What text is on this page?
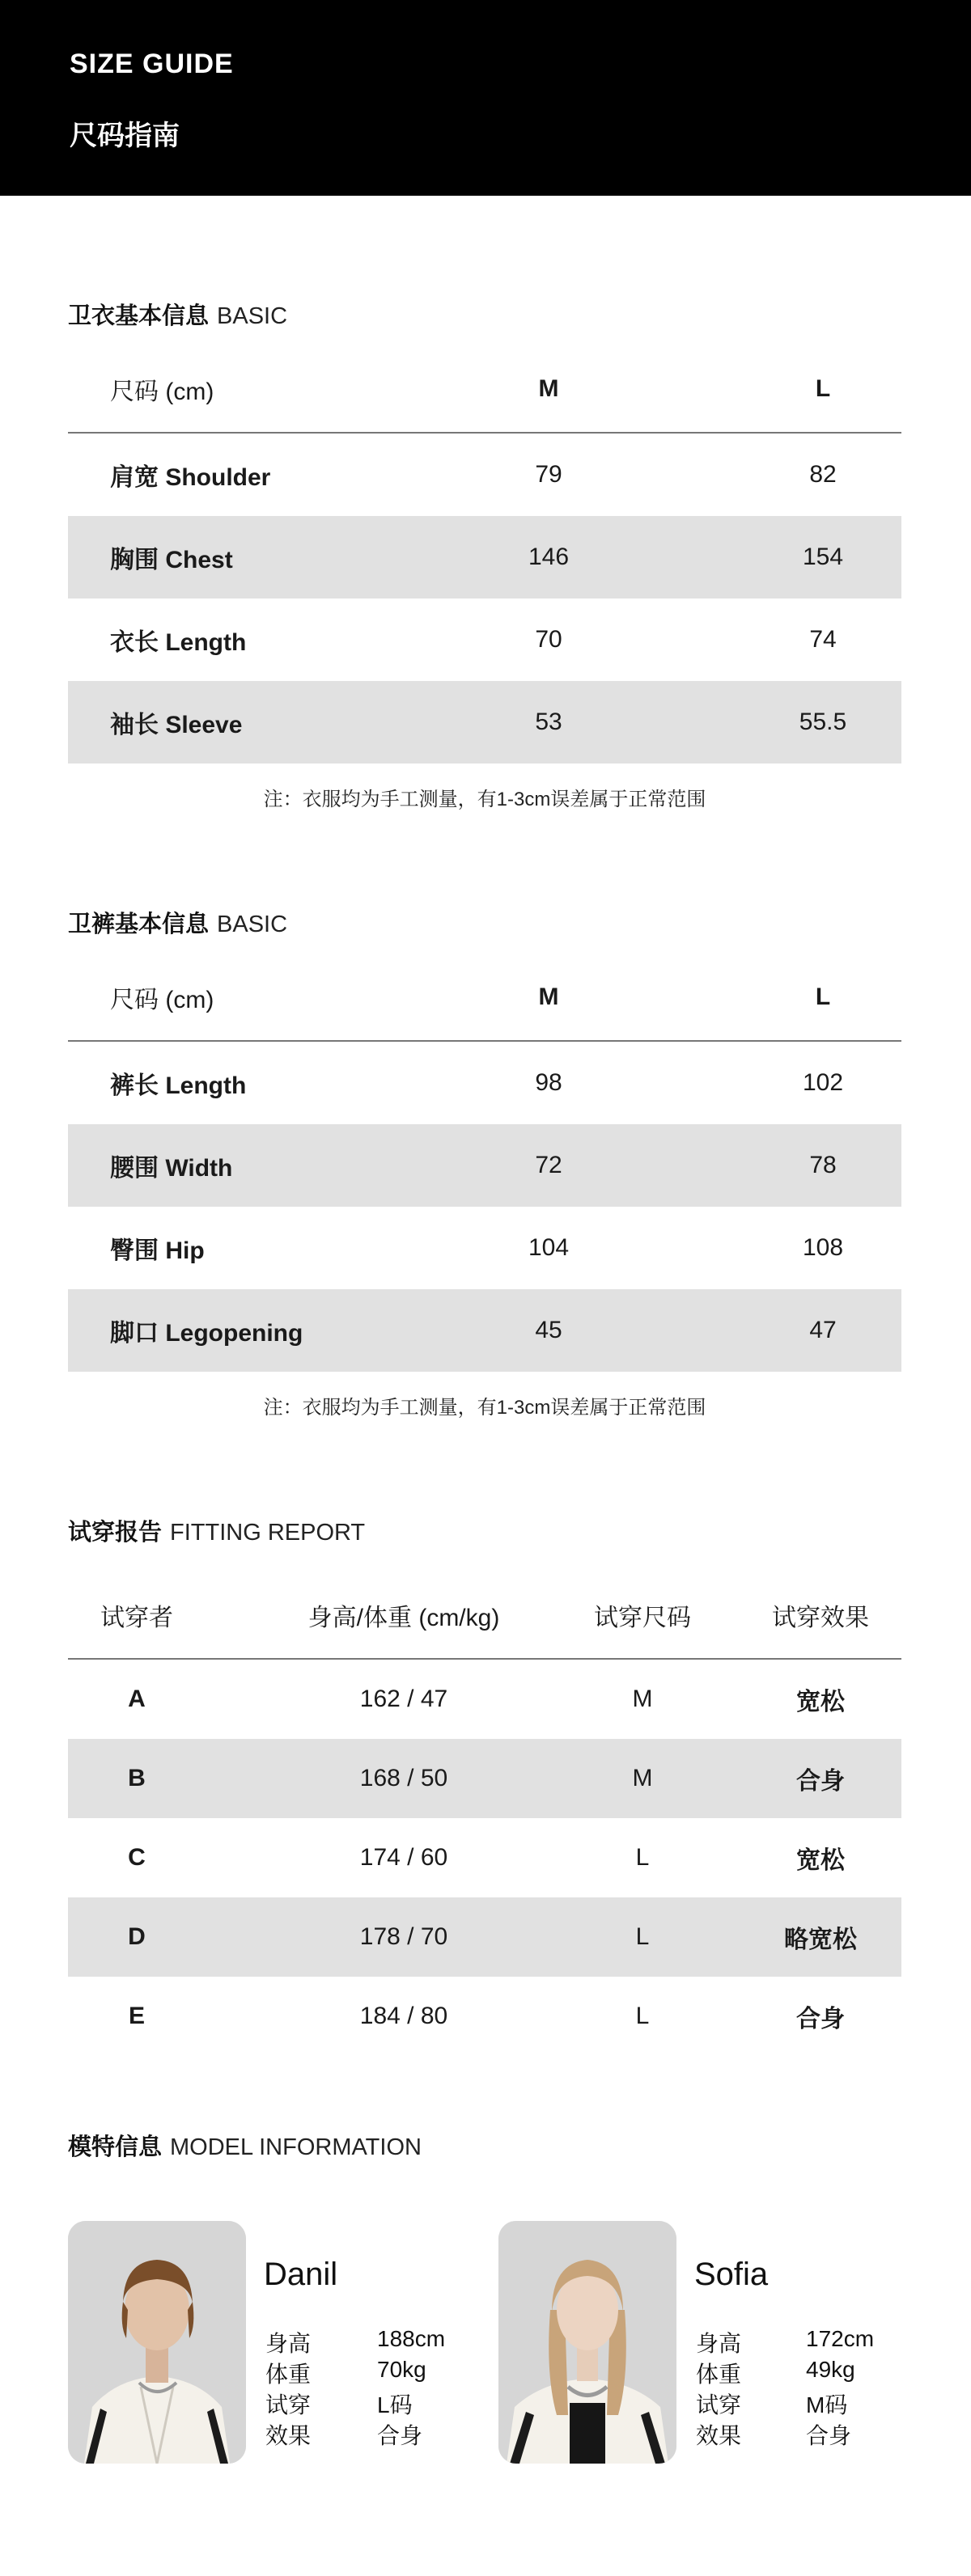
SIZE GUIDE
尺码指南
卫衣基本信息 BASIC
尺码 (cm)	M	L
肩宽 Shoulder	79	82
胸围 Chest	146	154
衣长 Length	70	74
袖长 Sleeve	53	55.5
注：衣服均为手工测量，有1-3cm误差属于正常范围
卫裤基本信息 BASIC
尺码 (cm)	M	L
裤长 Length	98	102
腰围 Width	72	78
臀围 Hip	104	108
脚口 Legopening	45	47
注：衣服均为手工测量，有1-3cm误差属于正常范围
试穿报告 FITTING REPORT
试穿者	身高/体重 (cm/kg)	试穿尺码	试穿效果
A	162 / 47	M	宽松
B	168 / 50	M	合身
C	174 / 60	L	宽松
D	178 / 70	L	略宽松
E	184 / 80	L	合身
模特信息 MODEL INFORMATION
Danil
身高	188cm
体重	70kg
试穿	L码
效果	合身
Sofia
身高	172cm
体重	49kg
试穿	M码
效果	合身
